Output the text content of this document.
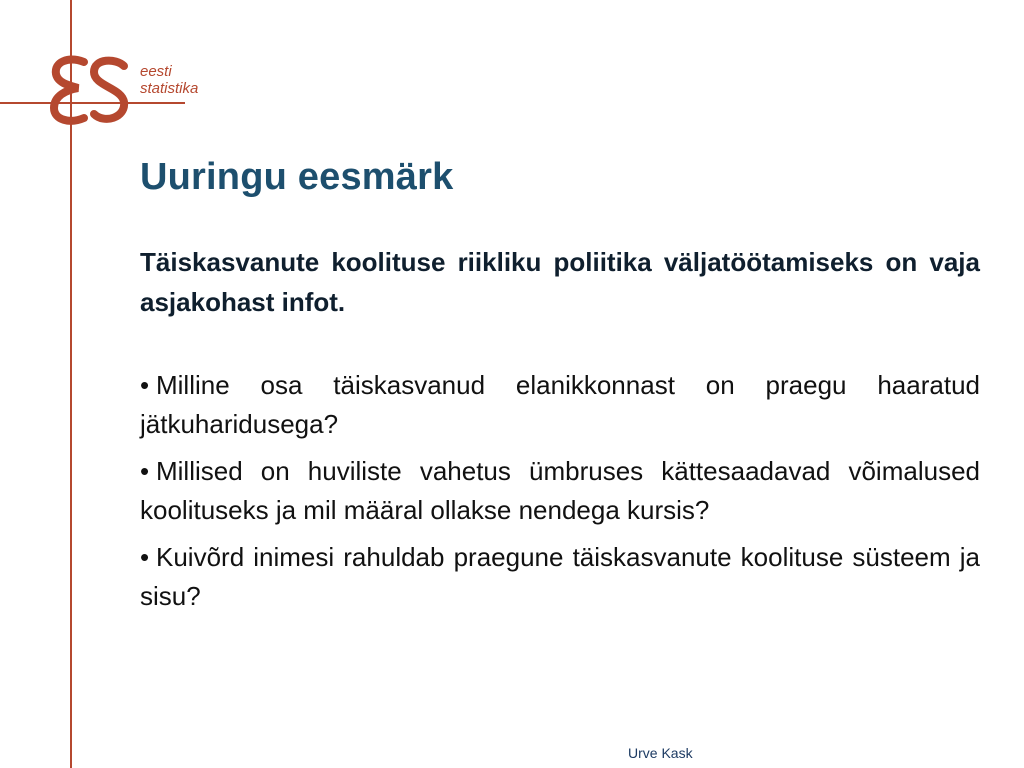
eesti
statistika
Uuringu eesmärk

Täiskasvanute koolituse riikliku poliitika väljatöötamiseks on vaja asjakohast infot.

• Milline osa täiskasvanud elanikkonnast on praegu haaratud jätkuharidusega?
• Millised on huviliste vahetus ümbruses kättesaadavad võimalused koolituseks ja mil määral ollakse nendega kursis?
• Kuivõrd inimesi rahuldab praegune täiskasvanute koolituse süsteem ja sisu?
Urve Kask
